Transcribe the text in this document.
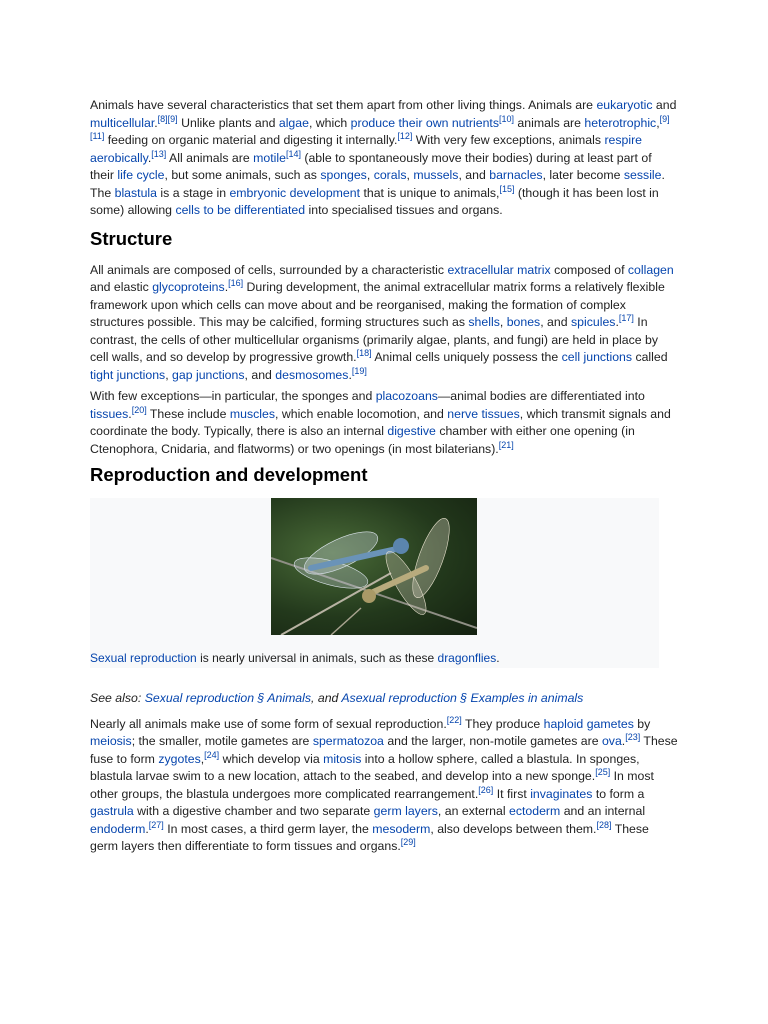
Animals have several characteristics that set them apart from other living things. Animals are eukaryotic and multicellular.[8][9] Unlike plants and algae, which produce their own nutrients[10] animals are heterotrophic,[9][11] feeding on organic material and digesting it internally.[12] With very few exceptions, animals respire aerobically.[13] All animals are motile[14] (able to spontaneously move their bodies) during at least part of their life cycle, but some animals, such as sponges, corals, mussels, and barnacles, later become sessile. The blastula is a stage in embryonic development that is unique to animals,[15] (though it has been lost in some) allowing cells to be differentiated into specialised tissues and organs.

Structure

All animals are composed of cells, surrounded by a characteristic extracellular matrix composed of collagen and elastic glycoproteins.[16] During development, the animal extracellular matrix forms a relatively flexible framework upon which cells can move about and be reorganised, making the formation of complex structures possible. This may be calcified, forming structures such as shells, bones, and spicules.[17] In contrast, the cells of other multicellular organisms (primarily algae, plants, and fungi) are held in place by cell walls, and so develop by progressive growth.[18] Animal cells uniquely possess the cell junctions called tight junctions, gap junctions, and desmosomes.[19]

With few exceptions—in particular, the sponges and placozoans—animal bodies are differentiated into tissues.[20] These include muscles, which enable locomotion, and nerve tissues, which transmit signals and coordinate the body. Typically, there is also an internal digestive chamber with either one opening (in Ctenophora, Cnidaria, and flatworms) or two openings (in most bilaterians).[21]

Reproduction and development

Sexual reproduction is nearly universal in animals, such as these dragonflies.

See also: Sexual reproduction § Animals, and Asexual reproduction § Examples in animals

Nearly all animals make use of some form of sexual reproduction.[22] They produce haploid gametes by meiosis; the smaller, motile gametes are spermatozoa and the larger, non-motile gametes are ova.[23] These fuse to form zygotes,[24] which develop via mitosis into a hollow sphere, called a blastula. In sponges, blastula larvae swim to a new location, attach to the seabed, and develop into a new sponge.[25] In most other groups, the blastula undergoes more complicated rearrangement.[26] It first invaginates to form a gastrula with a digestive chamber and two separate germ layers, an external ectoderm and an internal endoderm.[27] In most cases, a third germ layer, the mesoderm, also develops between them.[28] These germ layers then differentiate to form tissues and organs.[29]
